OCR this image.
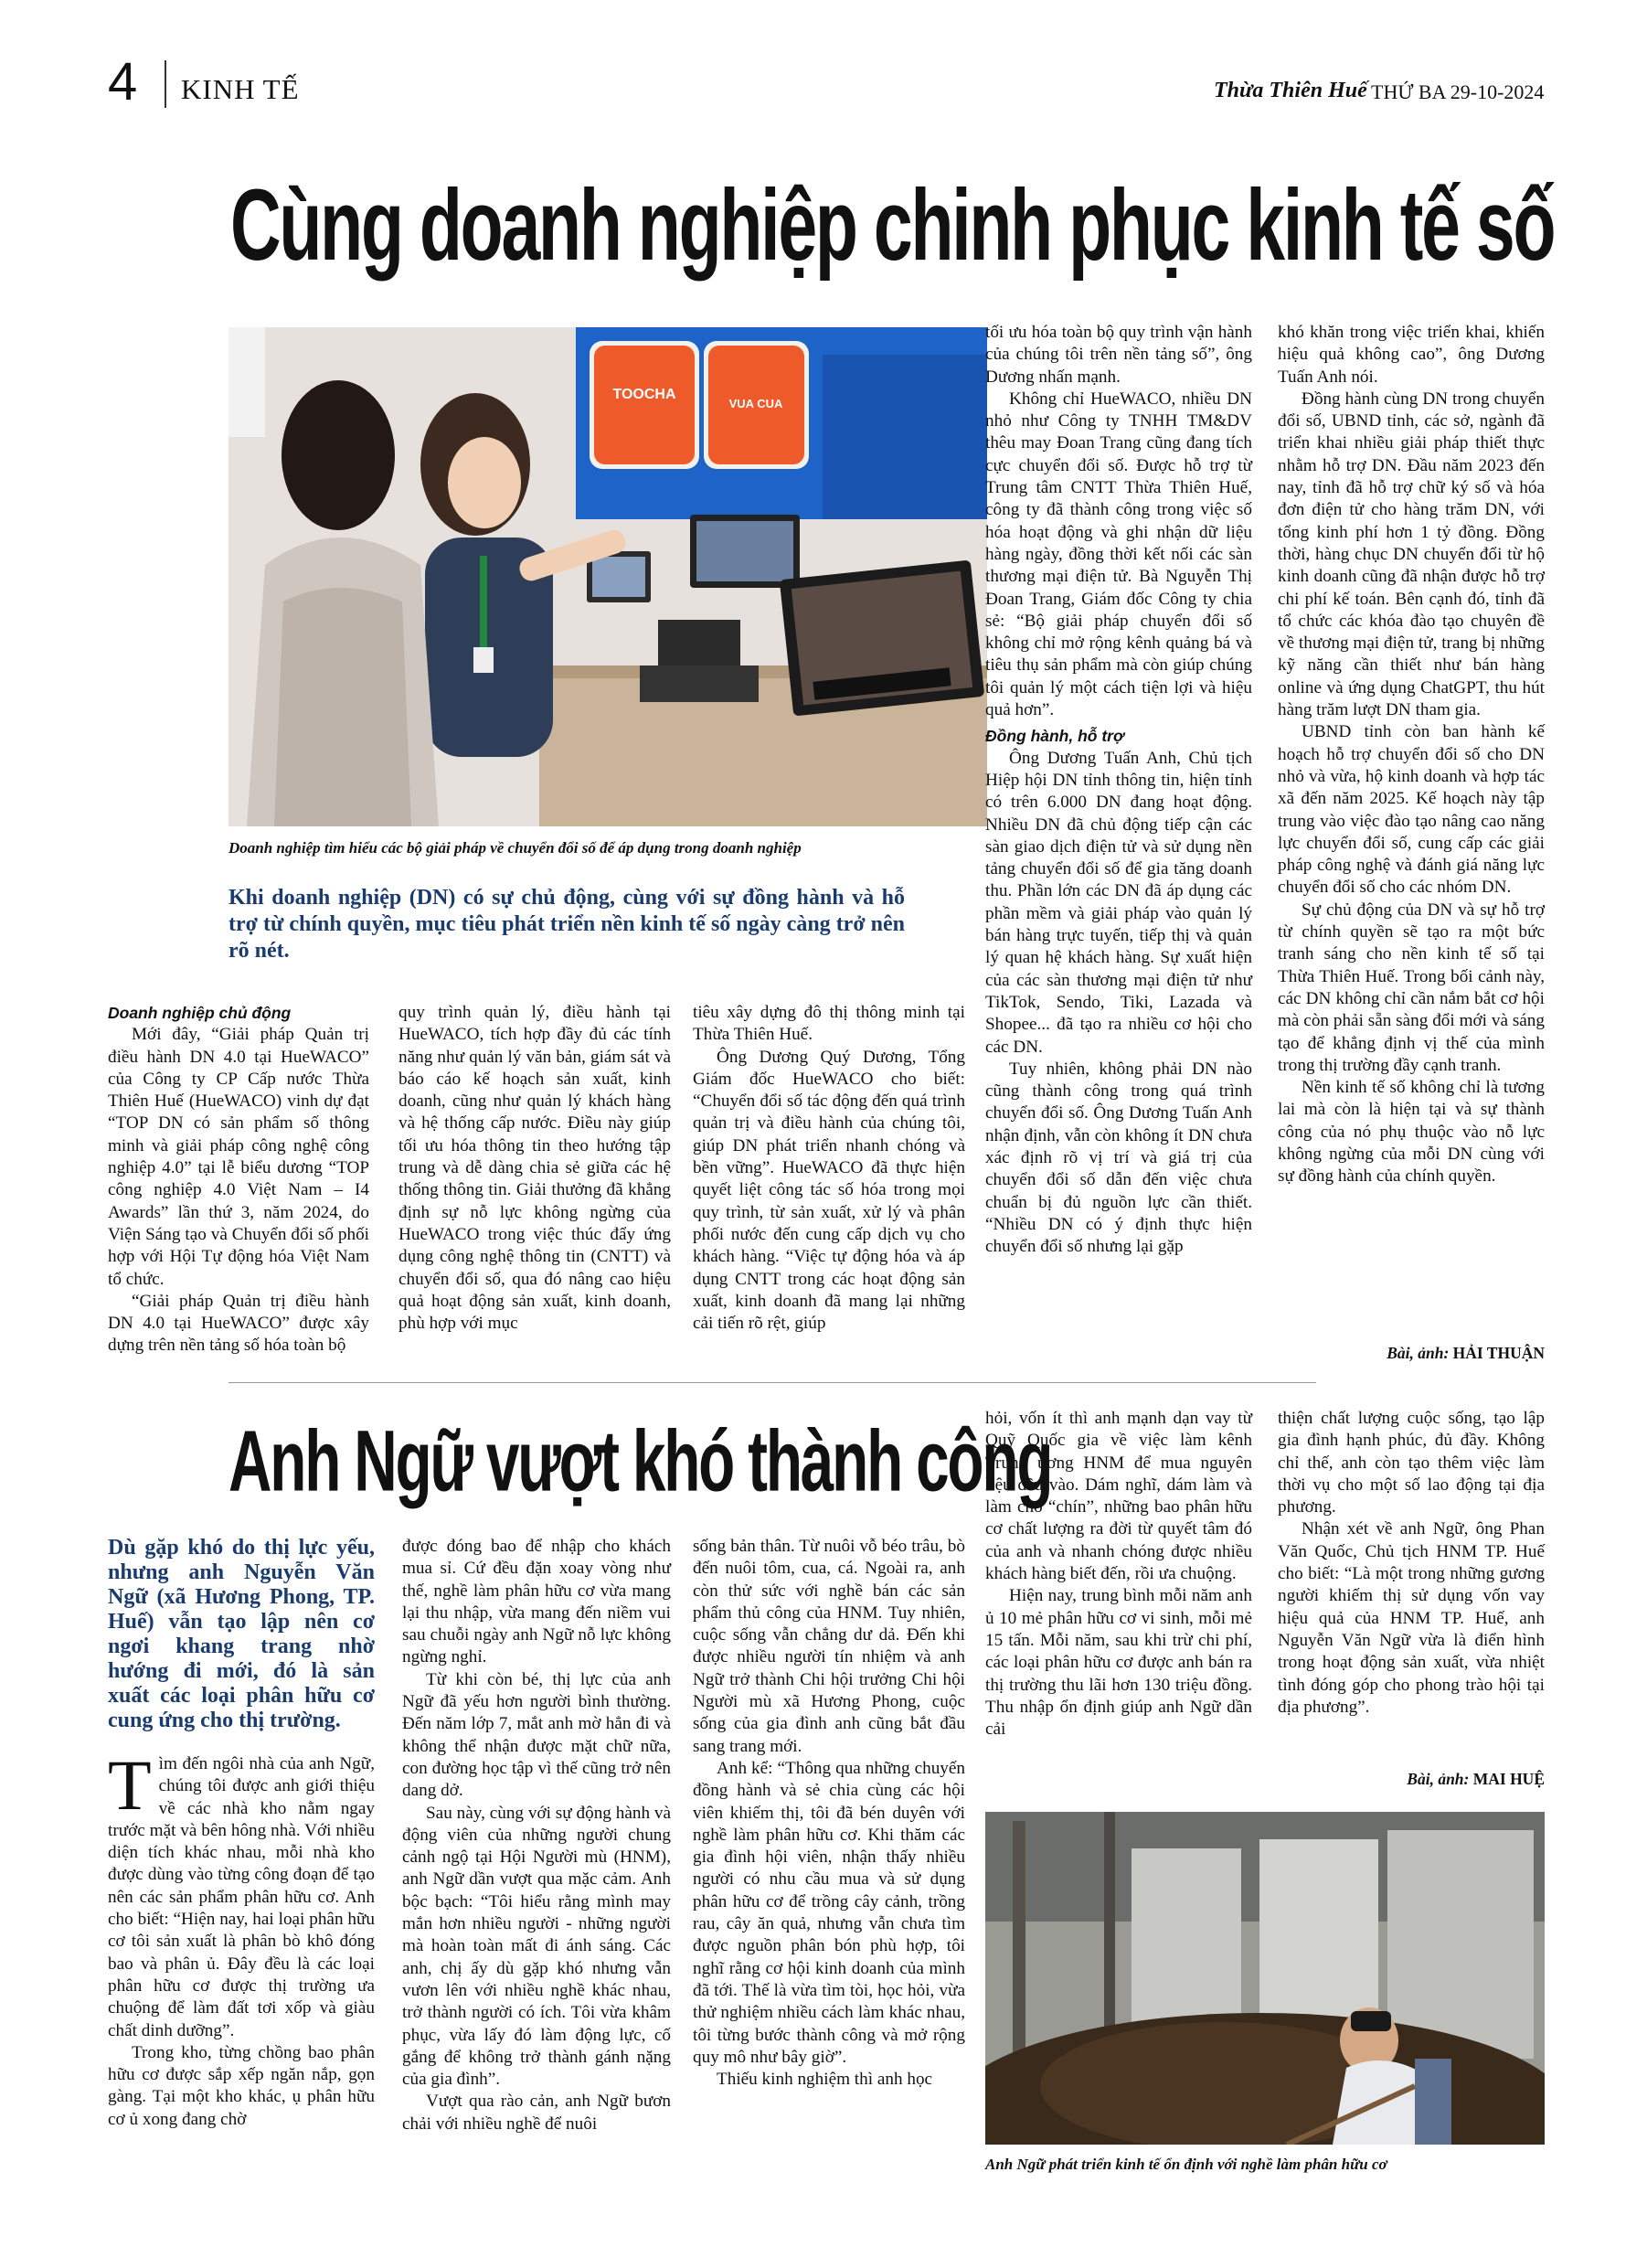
4 KINH TẾ	Thừa Thiên Huế THỨ BA 29-10-2024
Cùng doanh nghiệp chinh phục kinh tế số
TOOCHA
VUA CUA
Doanh nghiệp tìm hiểu các bộ giải pháp về chuyển đổi số để áp dụng trong doanh nghiệp
Khi doanh nghiệp (DN) có sự chủ động, cùng với sự đồng hành và hỗ trợ từ chính quyền, mục tiêu phát triển nền kinh tế số ngày càng trở nên rõ nét.

Doanh nghiệp chủ động

Mới đây, “Giải pháp Quản trị điều hành DN 4.0 tại HueWACO” của Công ty CP Cấp nước Thừa Thiên Huế (HueWACO) vinh dự đạt “TOP DN có sản phẩm số thông minh và giải pháp công nghệ công nghiệp 4.0” tại lễ biểu dương “TOP công nghiệp 4.0 Việt Nam – I4 Awards” lần thứ 3, năm 2024, do Viện Sáng tạo và Chuyển đổi số phối hợp với Hội Tự động hóa Việt Nam tổ chức.

“Giải pháp Quản trị điều hành DN 4.0 tại HueWACO” được xây dựng trên nền tảng số hóa toàn bộ

quy trình quản lý, điều hành tại HueWACO, tích hợp đầy đủ các tính năng như quản lý văn bản, giám sát và báo cáo kế hoạch sản xuất, kinh doanh, cũng như quản lý khách hàng và hệ thống cấp nước. Điều này giúp tối ưu hóa thông tin theo hướng tập trung và dễ dàng chia sẻ giữa các hệ thống thông tin. Giải thưởng đã khẳng định sự nỗ lực không ngừng của HueWACO trong việc thúc đẩy ứng dụng công nghệ thông tin (CNTT) và chuyển đổi số, qua đó nâng cao hiệu quả hoạt động sản xuất, kinh doanh, phù hợp với mục

tiêu xây dựng đô thị thông minh tại Thừa Thiên Huế.

Ông Dương Quý Dương, Tổng Giám đốc HueWACO cho biết: “Chuyển đổi số tác động đến quá trình quản trị và điều hành của chúng tôi, giúp DN phát triển nhanh chóng và bền vững”. HueWACO đã thực hiện quyết liệt công tác số hóa trong mọi quy trình, từ sản xuất, xử lý và phân phối nước đến cung cấp dịch vụ cho khách hàng. “Việc tự động hóa và áp dụng CNTT trong các hoạt động sản xuất, kinh doanh đã mang lại những cải tiến rõ rệt, giúp

tối ưu hóa toàn bộ quy trình vận hành của chúng tôi trên nền tảng số”, ông Dương nhấn mạnh.

Không chỉ HueWACO, nhiều DN nhỏ như Công ty TNHH TM&DV thêu may Đoan Trang cũng đang tích cực chuyển đổi số. Được hỗ trợ từ Trung tâm CNTT Thừa Thiên Huế, công ty đã thành công trong việc số hóa hoạt động và ghi nhận dữ liệu hàng ngày, đồng thời kết nối các sàn thương mại điện tử. Bà Nguyễn Thị Đoan Trang, Giám đốc Công ty chia sẻ: “Bộ giải pháp chuyển đổi số không chỉ mở rộng kênh quảng bá và tiêu thụ sản phẩm mà còn giúp chúng tôi quản lý một cách tiện lợi và hiệu quả hơn”.

Đồng hành, hỗ trợ

Ông Dương Tuấn Anh, Chủ tịch Hiệp hội DN tỉnh thông tin, hiện tỉnh có trên 6.000 DN đang hoạt động. Nhiều DN đã chủ động tiếp cận các sàn giao dịch điện tử và sử dụng nền tảng chuyển đổi số để gia tăng doanh thu. Phần lớn các DN đã áp dụng các phần mềm và giải pháp vào quản lý bán hàng trực tuyến, tiếp thị và quản lý quan hệ khách hàng. Sự xuất hiện của các sàn thương mại điện tử như TikTok, Sendo, Tiki, Lazada và Shopee... đã tạo ra nhiều cơ hội cho các DN.

Tuy nhiên, không phải DN nào cũng thành công trong quá trình chuyển đổi số. Ông Dương Tuấn Anh nhận định, vẫn còn không ít DN chưa xác định rõ vị trí và giá trị của chuyển đổi số dẫn đến việc chưa chuẩn bị đủ nguồn lực cần thiết. “Nhiều DN có ý định thực hiện chuyển đổi số nhưng lại gặp

khó khăn trong việc triển khai, khiến hiệu quả không cao”, ông Dương Tuấn Anh nói.

Đồng hành cùng DN trong chuyển đổi số, UBND tỉnh, các sở, ngành đã triển khai nhiều giải pháp thiết thực nhằm hỗ trợ DN. Đầu năm 2023 đến nay, tỉnh đã hỗ trợ chữ ký số và hóa đơn điện tử cho hàng trăm DN, với tổng kinh phí hơn 1 tỷ đồng. Đồng thời, hàng chục DN chuyển đổi từ hộ kinh doanh cũng đã nhận được hỗ trợ chi phí kế toán. Bên cạnh đó, tỉnh đã tổ chức các khóa đào tạo chuyên đề về thương mại điện tử, trang bị những kỹ năng cần thiết như bán hàng online và ứng dụng ChatGPT, thu hút hàng trăm lượt DN tham gia.

UBND tỉnh còn ban hành kế hoạch hỗ trợ chuyển đổi số cho DN nhỏ và vừa, hộ kinh doanh và hợp tác xã đến năm 2025. Kế hoạch này tập trung vào việc đào tạo nâng cao năng lực chuyển đổi số, cung cấp các giải pháp công nghệ và đánh giá năng lực chuyển đổi số cho các nhóm DN.

Sự chủ động của DN và sự hỗ trợ từ chính quyền sẽ tạo ra một bức tranh sáng cho nền kinh tế số tại Thừa Thiên Huế. Trong bối cảnh này, các DN không chỉ cần nắm bắt cơ hội mà còn phải sẵn sàng đổi mới và sáng tạo để khẳng định vị thế của mình trong thị trường đầy cạnh tranh.

Nền kinh tế số không chỉ là tương lai mà còn là hiện tại và sự thành công của nó phụ thuộc vào nỗ lực không ngừng của mỗi DN cùng với sự đồng hành của chính quyền.

Bài, ảnh: HẢI THUẬN
Anh Ngữ vượt khó thành công
Dù gặp khó do thị lực yếu, nhưng anh Nguyễn Văn Ngữ (xã Hương Phong, TP. Huế) vẫn tạo lập nên cơ ngơi khang trang nhờ hướng đi mới, đó là sản xuất các loại phân hữu cơ cung ứng cho thị trường.

Tìm đến ngôi nhà của anh Ngữ, chúng tôi được anh giới thiệu về các nhà kho nằm ngay trước mặt và bên hông nhà. Với nhiều diện tích khác nhau, mỗi nhà kho được dùng vào từng công đoạn để tạo nên các sản phẩm phân hữu cơ. Anh cho biết: “Hiện nay, hai loại phân hữu cơ tôi sản xuất là phân bò khô đóng bao và phân ủ. Đây đều là các loại phân hữu cơ được thị trường ưa chuộng để làm đất tơi xốp và giàu chất dinh dưỡng”.

Trong kho, từng chồng bao phân hữu cơ được sắp xếp ngăn nắp, gọn gàng. Tại một kho khác, ụ phân hữu cơ ủ xong đang chờ

được đóng bao để nhập cho khách mua sỉ. Cứ đều đặn xoay vòng như thế, nghề làm phân hữu cơ vừa mang lại thu nhập, vừa mang đến niềm vui sau chuỗi ngày anh Ngữ nỗ lực không ngừng nghỉ.

Từ khi còn bé, thị lực của anh Ngữ đã yếu hơn người bình thường. Đến năm lớp 7, mắt anh mờ hẳn đi và không thể nhận được mặt chữ nữa, con đường học tập vì thế cũng trở nên dang dở.

Sau này, cùng với sự động hành và động viên của những người chung cảnh ngộ tại Hội Người mù (HNM), anh Ngữ dần vượt qua mặc cảm. Anh bộc bạch: “Tôi hiểu rằng mình may mắn hơn nhiều người - những người mà hoàn toàn mất đi ánh sáng. Các anh, chị ấy dù gặp khó nhưng vẫn vươn lên với nhiều nghề khác nhau, trở thành người có ích. Tôi vừa khâm phục, vừa lấy đó làm động lực, cố gắng để không trở thành gánh nặng của gia đình”.

Vượt qua rào cản, anh Ngữ bươn chải với nhiều nghề để nuôi

sống bản thân. Từ nuôi vỗ béo trâu, bò đến nuôi tôm, cua, cá. Ngoài ra, anh còn thử sức với nghề bán các sản phẩm thủ công của HNM. Tuy nhiên, cuộc sống vẫn chẳng dư dả. Đến khi được nhiều người tín nhiệm và anh Ngữ trở thành Chi hội trưởng Chi hội Người mù xã Hương Phong, cuộc sống của gia đình anh cũng bắt đầu sang trang mới.

Anh kể: “Thông qua những chuyến đồng hành và sẻ chia cùng các hội viên khiếm thị, tôi đã bén duyên với nghề làm phân hữu cơ. Khi thăm các gia đình hội viên, nhận thấy nhiều người có nhu cầu mua và sử dụng phân hữu cơ để trồng cây cảnh, trồng rau, cây ăn quả, nhưng vẫn chưa tìm được nguồn phân bón phù hợp, tôi nghĩ rằng cơ hội kinh doanh của mình đã tới. Thế là vừa tìm tòi, học hỏi, vừa thử nghiệm nhiều cách làm khác nhau, tôi từng bước thành công và mở rộng quy mô như bây giờ”.

Thiếu kinh nghiệm thì anh học

hỏi, vốn ít thì anh mạnh dạn vay từ Quỹ Quốc gia về việc làm kênh Trung ương HNM để mua nguyên liệu đầu vào. Dám nghĩ, dám làm và làm cho “chín”, những bao phân hữu cơ chất lượng ra đời từ quyết tâm đó của anh và nhanh chóng được nhiều khách hàng biết đến, rồi ưa chuộng.

Hiện nay, trung bình mỗi năm anh ủ 10 mẻ phân hữu cơ vi sinh, mỗi mẻ 15 tấn. Mỗi năm, sau khi trừ chi phí, các loại phân hữu cơ được anh bán ra thị trường thu lãi hơn 130 triệu đồng. Thu nhập ổn định giúp anh Ngữ dần cải

thiện chất lượng cuộc sống, tạo lập gia đình hạnh phúc, đủ đầy. Không chỉ thế, anh còn tạo thêm việc làm thời vụ cho một số lao động tại địa phương.

Nhận xét về anh Ngữ, ông Phan Văn Quốc, Chủ tịch HNM TP. Huế cho biết: “Là một trong những gương người khiếm thị sử dụng vốn vay hiệu quả của HNM TP. Huế, anh Nguyễn Văn Ngữ vừa là điển hình trong hoạt động sản xuất, vừa nhiệt tình đóng góp cho phong trào hội tại địa phương”.

Bài, ảnh: MAI HUỆ
Anh Ngữ phát triển kinh tế ổn định với nghề làm phân hữu cơ
